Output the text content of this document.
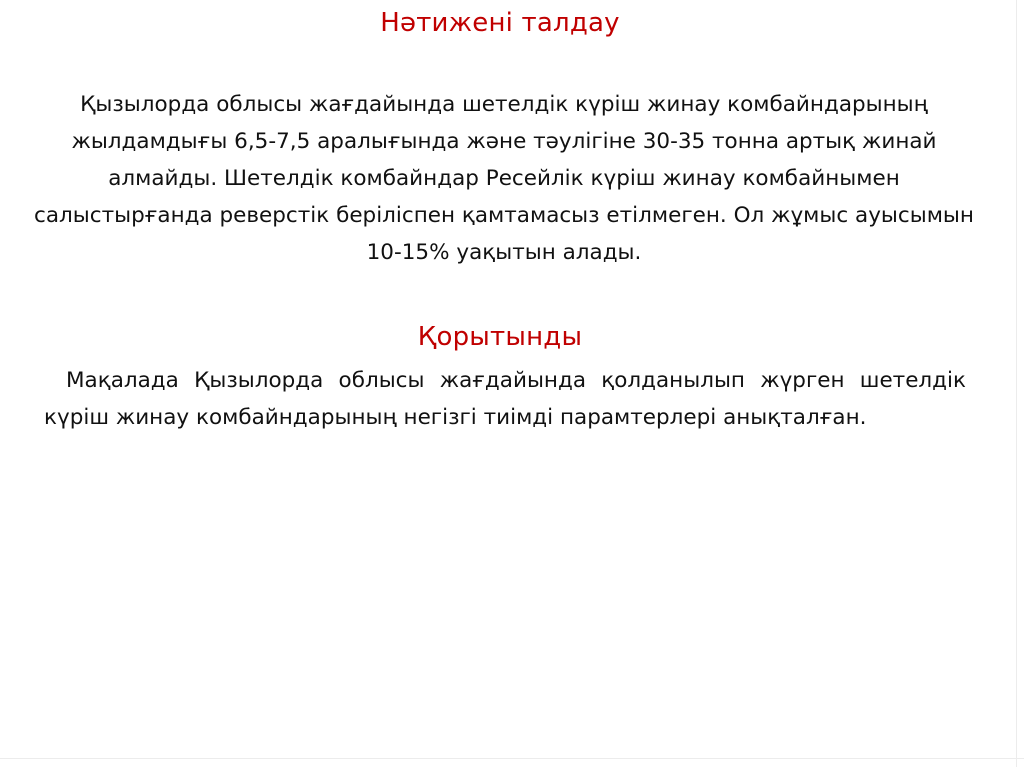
Нәтижені талдау
Қызылорда облысы жағдайында шетелдік күріш жинау комбайндарының жылдамдығы 6,5-7,5 аралығында және тәулігіне 30-35 тонна артық жинай алмайды. Шетелдік комбайндар Ресейлік күріш жинау комбайнымен салыстырғанда реверстік беріліспен қамтамасыз етілмеген. Ол жұмыс ауысымын 10-15% уақытын алады.
Қорытынды
Мақалада Қызылорда облысы жағдайында қолданылып жүрген шетелдік күріш жинау комбайндарының негізгі тиімді парамтерлері анықталған.
